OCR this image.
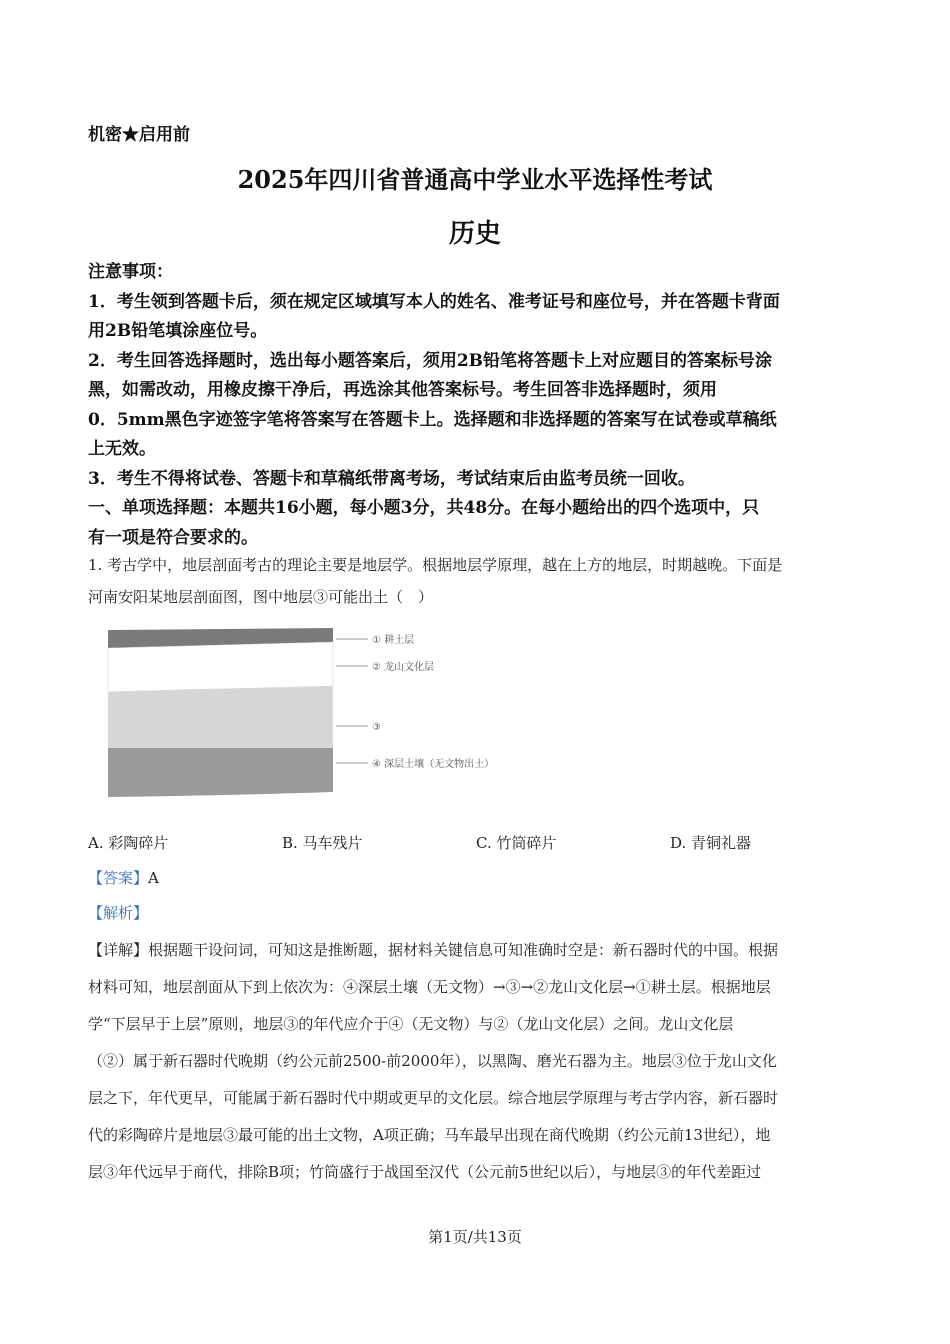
机密★启用前
2025年四川省普通高中学业水平选择性考试
历史

注意事项：

1．考生领到答题卡后，须在规定区域填写本人的姓名、准考证号和座位号，并在答题卡背面

用2B铅笔填涂座位号。

2．考生回答选择题时，选出每小题答案后，须用2B铅笔将答题卡上对应题目的答案标号涂

黑，如需改动，用橡皮擦干净后，再选涂其他答案标号。考生回答非选择题时，须用

0．5mm黑色字迹签字笔将答案写在答题卡上。选择题和非选择题的答案写在试卷或草稿纸

上无效。

3．考生不得将试卷、答题卡和草稿纸带离考场，考试结束后由监考员统一回收。

一、单项选择题：本题共16小题，每小题3分，共48分。在每小题给出的四个选项中，只

有一项是符合要求的。

1. 考古学中，地层剖面考古的理论主要是地层学。根据地层学原理，越在上方的地层，时期越晚。下面是

河南安阳某地层剖面图，图中地层③可能出土（　）

① 耕土层
② 龙山文化层
③
④ 深层土壤（无文物出土）
A. 彩陶碎片	B. 马车残片	C. 竹筒碎片	D. 青铜礼器
【答案】A
【解析】

【详解】根据题干设问词，可知这是推断题，据材料关键信息可知准确时空是：新石器时代的中国。根据

材料可知，地层剖面从下到上依次为：④深层土壤（无文物）→③→②龙山文化层→①耕土层。根据地层

学“下层早于上层”原则，地层③的年代应介于④（无文物）与②（龙山文化层）之间。龙山文化层

（②）属于新石器时代晚期（约公元前2500-前2000年），以黑陶、磨光石器为主。地层③位于龙山文化

层之下，年代更早，可能属于新石器时代中期或更早的文化层。综合地层学原理与考古学内容，新石器时

代的彩陶碎片是地层③最可能的出土文物，A项正确；马车最早出现在商代晚期（约公元前13世纪），地

层③年代远早于商代，排除B项；竹筒盛行于战国至汉代（公元前5世纪以后），与地层③的年代差距过

第1页/共13页
